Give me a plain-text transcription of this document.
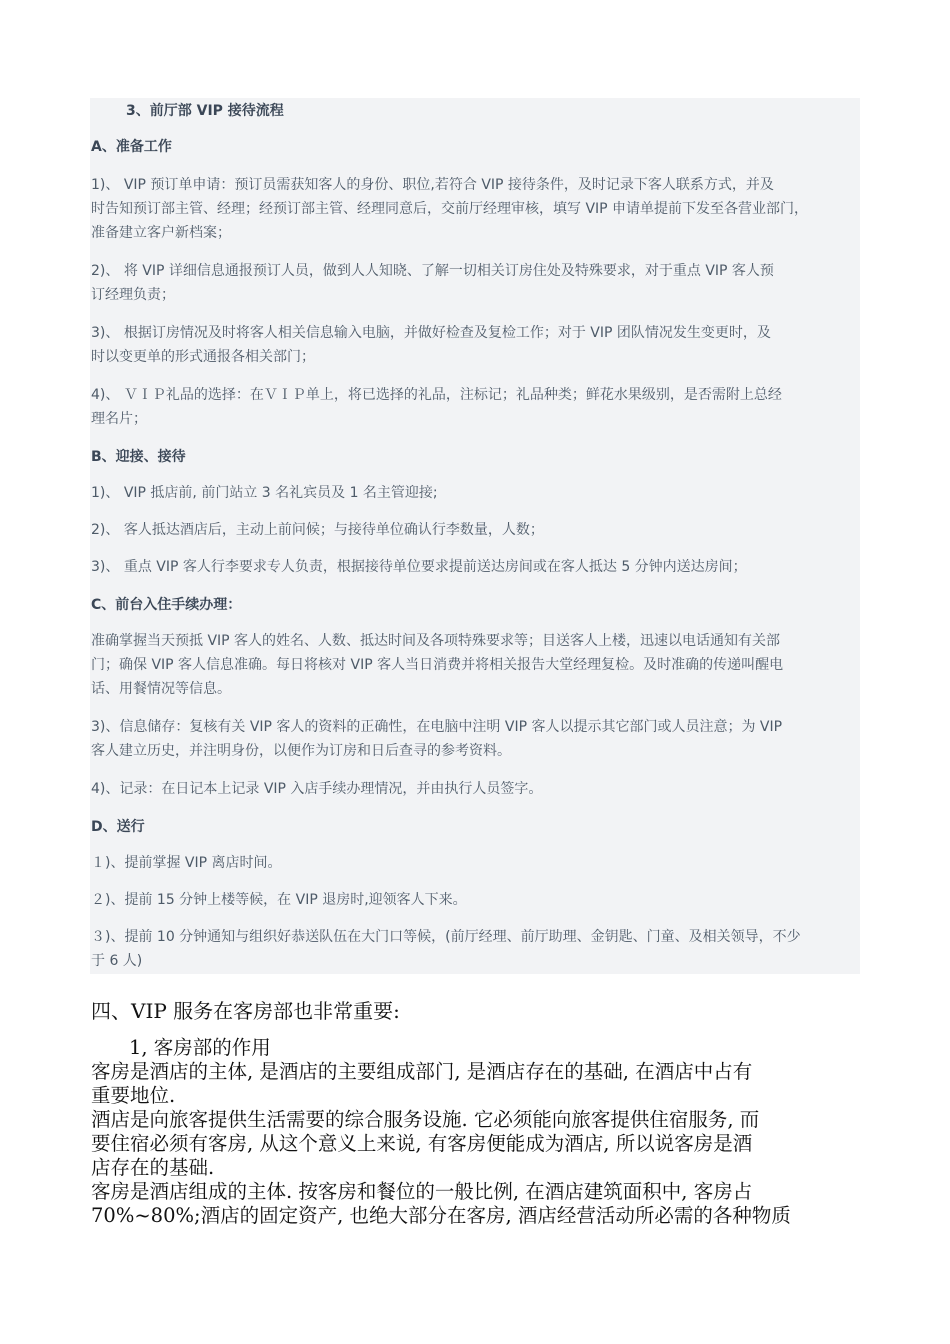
3、前厅部 VIP 接待流程
A、准备工作
1)、 VIP 预订单申请：预订员需获知客人的身份、职位,若符合 VIP 接待条件，及时记录下客人联系方式，并及
时告知预订部主管、经理；经预订部主管、经理同意后，交前厅经理审核，填写 VIP 申请单提前下发至各营业部门，
准备建立客户新档案；
2)、 将 VIP 详细信息通报预订人员，做到人人知晓、了解一切相关订房住处及特殊要求，对于重点 VIP 客人预
订经理负责；
3)、 根据订房情况及时将客人相关信息输入电脑，并做好检查及复检工作；对于 VIP 团队情况发生变更时，及
时以变更单的形式通报各相关部门；
4)、 ＶＩＰ礼品的选择：在ＶＩＰ单上，将已选择的礼品，注标记；礼品种类；鲜花水果级别，是否需附上总经
理名片；
B、迎接、接待
1)、 VIP 抵店前, 前门站立 3 名礼宾员及 1 名主管迎接;
2)、 客人抵达酒店后，主动上前问候；与接待单位确认行李数量，人数；
3)、 重点 VIP 客人行李要求专人负责，根据接待单位要求提前送达房间或在客人抵达 5 分钟内送达房间；
C、前台入住手续办理：
准确掌握当天预抵 VIP 客人的姓名、人数、抵达时间及各项特殊要求等；目送客人上楼，迅速以电话通知有关部
门；确保 VIP 客人信息准确。每日将核对 VIP 客人当日消费并将相关报告大堂经理复检。及时准确的传递叫醒电
话、用餐情况等信息。
3)、信息储存：复核有关 VIP 客人的资料的正确性，在电脑中注明 VIP 客人以提示其它部门或人员注意；为 VIP
客人建立历史，并注明身份，以便作为订房和日后查寻的参考资料。
4)、记录：在日记本上记录 VIP 入店手续办理情况，并由执行人员签字。
D、送行
１)、提前掌握 VIP 离店时间。
２)、提前 15 分钟上楼等候，在 VIP 退房时,迎领客人下来。
３)、提前 10 分钟通知与组织好恭送队伍在大门口等候，(前厅经理、前厅助理、金钥匙、门童、及相关领导，不少
于 6 人)
四、VIP 服务在客房部也非常重要:
1, 客房部的作用
客房是酒店的主体, 是酒店的主要组成部门, 是酒店存在的基础, 在酒店中占有
重要地位.
酒店是向旅客提供生活需要的综合服务设施. 它必须能向旅客提供住宿服务, 而
要住宿必须有客房, 从这个意义上来说, 有客房便能成为酒店, 所以说客房是酒
店存在的基础.
客房是酒店组成的主体. 按客房和餐位的一般比例, 在酒店建筑面积中, 客房占
70%~80%;酒店的固定资产, 也绝大部分在客房, 酒店经营活动所必需的各种物质
